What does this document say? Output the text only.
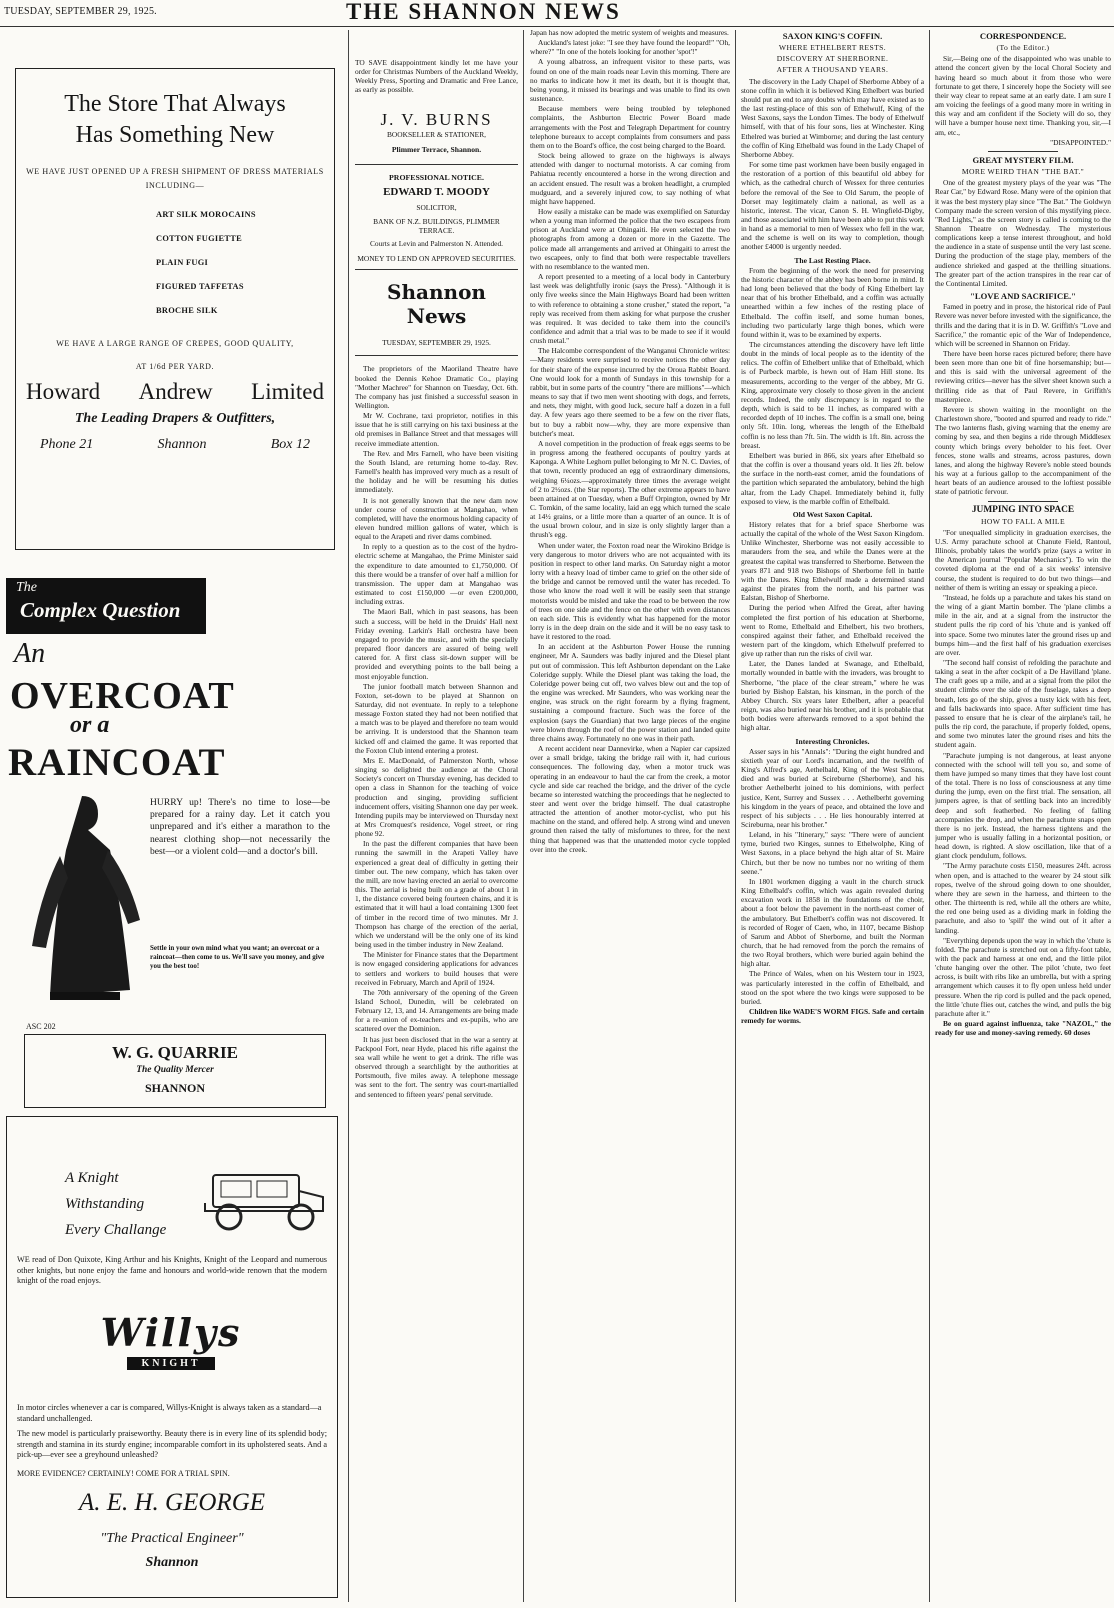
TUESDAY, SEPTEMBER 29, 1925.	THE SHANNON NEWS
The Store That Always
Has Something New
WE HAVE JUST OPENED UP A FRESH SHIPMENT OF DRESS MATERIALS INCLUDING—
ART SILK MOROCAINS
COTTON FUGIETTE
PLAIN FUGI
FIGURED TAFFETAS
BROCHE SILK
WE HAVE A LARGE RANGE OF CREPES, GOOD QUALITY,
AT 1/6d PER YARD.
Howard Andrew Limited
The Leading Drapers & Outfitters,
Phone 21	Shannon	Box 12
The
Complex Question
An
OVERCOAT
or a
RAINCOAT
HURRY up! There's no time to lose—be prepared for a rainy day. Let it catch you unprepared and it's either a marathon to the nearest clothing shop—not necessarily the best—or a violent cold—and a doctor's bill.
Settle in your own mind what you want; an overcoat or a raincoat—then come to us. We'll save you money, and give you the best too!
ASC 202
W. G. QUARRIE
The Quality Mercer
SHANNON
A Knight
Withstanding
Every Challange
WE read of Don Quixote, King Arthur and his Knights, Knight of the Leopard and numerous other knights, but none enjoy the fame and honours and world-wide renown that the modern knight of the road enjoys.
Willys
KNIGHT
In motor circles whenever a car is compared, Willys-Knight is always taken as a standard—a standard unchallenged.
The new model is particularly praiseworthy. Beauty there is in every line of its splendid body; strength and stamina in its sturdy engine; incomparable comfort in its upholstered seats. And a pick-up—ever see a greyhound unleashed?
MORE EVIDENCE? CERTAINLY! COME FOR A TRIAL SPIN.
A. E. H. GEORGE
"The Practical Engineer"
Shannon

TO SAVE disappointment kindly let me have your order for Christmas Numbers of the Auckland Weekly, Weekly Press, Sporting and Dramatic and Free Lance, as early as possible.

J. V. BURNS
BOOKSELLER & STATIONER,
Plimmer Terrace, Shannon.
PROFESSIONAL NOTICE.
EDWARD T. MOODY
SOLICITOR,
BANK OF N.Z. BUILDINGS, PLIMMER TERRACE.
Courts at Levin and Palmerston N. Attended.
MONEY TO LEND ON APPROVED SECURITIES.
Shannon News
TUESDAY, SEPTEMBER 29, 1925.

The proprietors of the Maoriland Theatre have booked the Dennis Kehoe Dramatic Co., playing "Mother Machree" for Shannon on Tuesday, Oct. 6th. The company has just finished a successful season in Wellington.

Mr W. Cochrane, taxi proprietor, notifies in this issue that he is still carrying on his taxi business at the old premises in Ballance Street and that messages will receive immediate attention.

The Rev. and Mrs Farnell, who have been visiting the South Island, are returning home to-day. Rev. Farnell's health has improved very much as a result of the holiday and he will be resuming his duties immediately.

It is not generally known that the new dam now under course of construction at Mangahao, when completed, will have the enormous holding capacity of eleven hundred million gallons of water, which is equal to the Arapeti and river dams combined.

In reply to a question as to the cost of the hydro-electric scheme at Mangahao, the Prime Minister said the expenditure to date amounted to £1,750,000. Of this there would be a transfer of over half a million for transmission. The upper dam at Mangahao was estimated to cost £150,000 —or even £200,000, including extras.

The Maori Ball, which in past seasons, has been such a success, will be held in the Druids' Hall next Friday evening. Larkin's Hall orchestra have been engaged to provide the music, and with the specially prepared floor dancers are assured of being well catered for. A first class sit-down supper will be provided and everything points to the ball being a most enjoyable function.

The junior football match between Shannon and Foxton, set-down to be played at Shannon on Saturday, did not eventuate. In reply to a telephone message Foxton stated they had not been notified that a match was to be played and therefore no team would be arriving. It is understood that the Shannon team kicked off and claimed the game. It was reported that the Foxton Club intend entering a protest.

Mrs E. MacDonald, of Palmerston North, whose singing so delighted the audience at the Choral Society's concert on Thursday evening, has decided to open a class in Shannon for the teaching of voice production and singing, providing sufficient inducement offers, visiting Shannon one day per week. Intending pupils may be interviewed on Thursday next at Mrs Cromquest's residence, Vogel street, or ring phone 92.

In the past the different companies that have been running the sawmill in the Arapeti Valley have experienced a great deal of difficulty in getting their timber out. The new company, which has taken over the mill, are now having erected an aerial to overcome this. The aerial is being built on a grade of about 1 in 1, the distance covered being fourteen chains, and it is estimated that it will haul a load containing 1300 feet of timber in the record time of two minutes. Mr J. Thompson has charge of the erection of the aerial, which we understand will be the only one of its kind being used in the timber industry in New Zealand.

The Minister for Finance states that the Department is now engaged considering applications for advances to settlers and workers to build houses that were received in February, March and April of 1924.

The 70th anniversary of the opening of the Green Island School, Dunedin, will be celebrated on February 12, 13, and 14. Arrangements are being made for a re-union of ex-teachers and ex-pupils, who are scattered over the Dominion.

It has just been disclosed that in the war a sentry at Packpool Fort, near Hyde, placed his rifle against the sea wall while he went to get a drink. The rifle was observed through a searchlight by the authorities at Portsmouth, five miles away. A telephone message was sent to the fort. The sentry was court-martialled and sentenced to fifteen years' penal servitude.

Japan has now adopted the metric system of weights and measures.

Auckland's latest joke: "I see they have found the leopard!" "Oh, where?" "In one of the hotels looking for another 'spot'!"

A young albatross, an infrequent visitor to these parts, was found on one of the main roads near Levin this morning. There are no marks to indicate how it met its death, but it is thought that, being young, it missed its bearings and was unable to find its own sustenance.

Because members were being troubled by telephoned complaints, the Ashburton Electric Power Board made arrangements with the Post and Telegraph Department for country telephone bureaux to accept complaints from consumers and pass them on to the Board's office, the cost being charged to the Board.

Stock being allowed to graze on the highways is always attended with danger to nocturnal motorists. A car coming from Pahiatua recently encountered a horse in the wrong direction and an accident ensued. The result was a broken headlight, a crumpled mudguard, and a severely injured cow, to say nothing of what might have happened.

How easily a mistake can be made was exemplified on Saturday when a young man informed the police that the two escapees from prison at Auckland were at Ohingaiti. He even selected the two photographs from among a dozen or more in the Gazette. The police made all arrangements and arrived at Ohingaiti to arrest the two escapees, only to find that both were respectable travellers with no resemblance to the wanted men.

A report presented to a meeting of a local body in Canterbury last week was delightfully ironic (says the Press). "Although it is only five weeks since the Main Highways Board had been written to with reference to obtaining a stone crusher," stated the report, "a reply was received from them asking for what purpose the crusher was required. It was decided to take them into the council's confidence and admit that a trial was to be made to see if it would crush metal."

The Halcombe correspondent of the Wanganui Chronicle writes:—Many residents were surprised to receive notices the other day for their share of the expense incurred by the Oroua Rabbit Board. One would look for a month of Sundays in this township for a rabbit, but in some parts of the country "there are millions"—which means to say that if two men went shooting with dogs, and ferrets, and nets, they might, with good luck, secure half a dozen in a full day. A few years ago there seemed to be a few on the river flats, but to buy a rabbit now—why, they are more expensive than butcher's meat.

A novel competition in the production of freak eggs seems to be in progress among the feathered occupants of poultry yards at Kaponga. A White Leghorn pullet belonging to Mr N. C. Davies, of that town, recently produced an egg of extraordinary dimensions, weighing 6¼ozs.—approximately three times the average weight of 2 to 2½ozs. (the Star reports). The other extreme appears to have been attained at on Tuesday, when a Buff Orpington, owned by Mr C. Tomkin, of the same locality, laid an egg which turned the scale at 14½ grains, or a little more than a quarter of an ounce. It is of the usual brown colour, and in size is only slightly larger than a thrush's egg.

When under water, the Foxton road near the Wirokino Bridge is very dangerous to motor drivers who are not acquainted with its position in respect to other land marks. On Saturday night a motor lorry with a heavy load of timber came to grief on the other side of the bridge and cannot be removed until the water has receded. To those who know the road well it will be easily seen that strange motorists would be misled and take the road to be between the row of trees on one side and the fence on the other with even distances on each side. This is evidently what has happened for the motor lorry is in the deep drain on the side and it will be no easy task to have it restored to the road.

In an accident at the Ashburton Power House the running engineer, Mr A. Saunders was badly injured and the Diesel plant put out of commission. This left Ashburton dependant on the Lake Coleridge supply. While the Diesel plant was taking the load, the Coleridge power being cut off, two valves blew out and the top of the engine was wrecked. Mr Saunders, who was working near the engine, was struck on the right forearm by a flying fragment, sustaining a compound fracture. Such was the force of the explosion (says the Guardian) that two large pieces of the engine were blown through the roof of the power station and landed quite three chains away. Fortunately no one was in their path.

A recent accident near Dannevirke, when a Napier car capsized over a small bridge, taking the bridge rail with it, had curious consequences. The following day, when a motor truck was operating in an endeavour to haul the car from the creek, a motor cycle and side car reached the bridge, and the driver of the cycle became so interested watching the proceedings that he neglected to steer and went over the bridge himself. The dual catastrophe attracted the attention of another motor-cyclist, who put his machine on the stand, and offered help. A strong wind and uneven ground then raised the tally of misfortunes to three, for the next thing that happened was that the unattended motor cycle toppled over into the creek.

SAXON KING'S COFFIN.
WHERE ETHELBERT RESTS.
DISCOVERY AT SHERBORNE.
AFTER A THOUSAND YEARS.

The discovery in the Lady Chapel of Sherborne Abbey of a stone coffin in which it is believed King Ethelbert was buried should put an end to any doubts which may have existed as to the last resting-place of this son of Ethelwulf, King of the West Saxons, says the London Times. The body of Ethelwulf himself, with that of his four sons, lies at Winchester. King Ethelred was buried at Wimborne; and during the last century the coffin of King Ethelbald was found in the Lady Chapel of Sherborne Abbey.

For some time past workmen have been busily engaged in the restoration of a portion of this beautiful old abbey for which, as the cathedral church of Wessex for three centuries before the removal of the See to Old Sarum, the people of Dorset may legitimately claim a national, as well as a historic, interest. The vicar, Canon S. H. Wingfield-Digby, and those associated with him have been able to put this work in hand as a memorial to men of Wessex who fell in the war, and the scheme is well on its way to completion, though another £4000 is urgently needed.

The Last Resting Place.

From the beginning of the work the need for preserving the historic character of the abbey has been borne in mind. It had long been believed that the body of King Ethelbert lay near that of his brother Ethelbald, and a coffin was actually unearthed within a few inches of the resting place of Ethelbald. The coffin itself, and some human bones, including two particularly large thigh bones, which were found within it, was to be examined by experts.

The circumstances attending the discovery have left little doubt in the minds of local people as to the identity of the relics. The coffin of Ethelbert unlike that of Ethelbald, which is of Purbeck marble, is hewn out of Ham Hill stone. Its measurements, according to the verger of the abbey, Mr G. King, approximate very closely to those given in the ancient records. Indeed, the only discrepancy is in regard to the depth, which is said to be 11 inches, as compared with a recorded depth of 10 inches. The coffin is a small one, being only 5ft. 10in. long, whereas the length of the Ethelbald coffin is no less than 7ft. 5in. The width is 1ft. 8in. across the breast.

Ethelbert was buried in 866, six years after Ethelbald so that the coffin is over a thousand years old. It lies 2ft. below the surface in the north-east corner, amid the foundations of the partition which separated the ambulatory, behind the high altar, from the Lady Chapel. Immediately behind it, fully exposed to view, is the marble coffin of Ethelbald.

Old West Saxon Capital.

History relates that for a brief space Sherborne was actually the capital of the whole of the West Saxon Kingdom. Unlike Winchester, Sherborne was not easily accessible to marauders from the sea, and while the Danes were at the greatest the capital was transferred to Sherborne. Between the years 871 and 918 two Bishops of Sherborne fell in battle with the Danes. King Ethelwulf made a determined stand against the pirates from the north, and his partner was Ealstan, Bishop of Sherborne.

During the period when Alfred the Great, after having completed the first portion of his education at Sherborne, went to Rome, Ethelbald and Ethelbert, his two brothers, conspired against their father, and Ethelbald received the western part of the kingdom, which Ethelwulf preferred to give up rather than run the risks of civil war.

Later, the Danes landed at Swanage, and Ethelbald, mortally wounded in battle with the invaders, was brought to Sherborne, "the place of the clear stream," where he was buried by Bishop Ealstan, his kinsman, in the porch of the Abbey Church. Six years later Ethelbert, after a peaceful reign, was also buried near his brother, and it is probable that both bodies were afterwards removed to a spot behind the high altar.

Interesting Chronicles.

Asser says in his "Annals": "During the eight hundred and sixtieth year of our Lord's incarnation, and the twelfth of King's Alfred's age, Aethelbald, King of the West Saxons, died and was buried at Scireburne (Sherborne), and his brother Aethelberht joined to his dominions, with perfect justice, Kent, Surrey and Sussex . . . Aethelberht governing his kingdom in the years of peace, and obtained the love and respect of his subjects . . . He lies honourably interred at Scireburna, near his brother."

Leland, in his "Itinerary," says: "There were of auncient tyme, buried two Kinges, sunnes to Ethelwolphe, King of West Saxons, in a place behynd the high altar of St. Maire Chirch, but ther be now no tumbes nor no writing of them seene."

In 1801 workmen digging a vault in the church struck King Ethelbald's coffin, which was again revealed during excavation work in 1858 in the foundations of the choir, about a foot below the pavement in the north-east corner of the ambulatory. But Ethelbert's coffin was not discovered. It is recorded of Roger of Caen, who, in 1107, became Bishop of Sarum and Abbot of Sherborne, and built the Norman church, that he had removed from the porch the remains of the two Royal brothers, which were buried again behind the high altar.

The Prince of Wales, when on his Western tour in 1923, was particularly interested in the coffin of Ethelbald, and stood on the spot where the two kings were supposed to be buried.

Children like WADE'S WORM FIGS. Safe and certain remedy for worms.

CORRESPONDENCE.
(To the Editor.)

Sir,—Being one of the disappointed who was unable to attend the concert given by the local Choral Society and having heard so much about it from those who were fortunate to get there, I sincerely hope the Society will see their way clear to repeat same at an early date. I am sure I am voicing the feelings of a good many more in writing in this way and am confident if the Society will do so, they will have a bumper house next time. Thanking you, sir,—I am, etc.,

"DISAPPOINTED."
GREAT MYSTERY FILM.
MORE WEIRD THAN "THE BAT."

One of the greatest mystery plays of the year was "The Rear Car," by Edward Rose. Many were of the opinion that it was the best mystery play since "The Bat." The Goldwyn Company made the screen version of this mystifying piece. "Red Lights," as the screen story is called is coming to the Shannon Theatre on Wednesday. The mysterious complications keep a tense interest throughout, and hold the audience in a state of suspense until the very last scene. During the production of the stage play, members of the audience shrieked and gasped at the thrilling situations. The greater part of the action transpires in the rear car of the Continental Limited.

"LOVE AND SACRIFICE."

Famed in poetry and in prose, the historical ride of Paul Revere was never before invested with the significance, the thrills and the daring that it is in D. W. Griffith's "Love and Sacrifice," the romantic epic of the War of Independence, which will be screened in Shannon on Friday.

There have been horse races pictured before; there have been seen more than one bit of fine horsemanship; but—and this is said with the universal agreement of the reviewing critics—never has the silver sheet known such a thrilling ride as that of Paul Revere, in Griffith's masterpiece.

Revere is shown waiting in the moonlight on the Charlestown shore, "booted and spurred and ready to ride." The two lanterns flash, giving warning that the enemy are coming by sea, and then begins a ride through Middlesex county which brings every beholder to his feet. Over fences, stone walls and streams, across pastures, down lanes, and along the highway Revere's noble steed bounds his way at a furious gallop to the accompaniment of the heart beats of an audience aroused to the loftiest possible state of patriotic fervour.

JUMPING INTO SPACE
HOW TO FALL A MILE

"For unequalled simplicity in graduation exercises, the U.S. Army parachute school at Chanute Field, Rantoul, Illinois, probably takes the world's prize (says a writer in the American journal "Popular Mechanics"). To win the coveted diploma at the end of a six weeks' intensive course, the student is required to do but two things—and neither of them is writing an essay or speaking a piece.

"Instead, he folds up a parachute and takes his stand on the wing of a giant Martin bomber. The 'plane climbs a mile in the air, and at a signal from the instructor the student pulls the rip cord of his 'chute and is yanked off into space. Some two minutes later the ground rises up and bumps him—and the first half of his graduation exercises are over.

"The second half consist of refolding the parachute and taking a seat in the after cockpit of a De Havilland 'plane. The craft goes up a mile, and at a signal from the pilot the student climbs over the side of the fuselage, takes a deep breath, lets go of the ship, gives a tusty kick with his feet, and falls backwards into space. After sufficient time has passed to ensure that he is clear of the airplane's tail, he pulls the rip cord, the parachute, if properly folded, opens, and some two minutes later the ground rises and hits the student again.

"Parachute jumping is not dangerous, at least anyone connected with the school will tell you so, and some of them have jumped so many times that they have lost count of the total. There is no loss of consciousness at any time during the jump, even on the first trial. The sensation, all jumpers agree, is that of settling back into an incredibly deep and soft featherbed. No feeling of falling accompanies the drop, and when the parachute snaps open there is no jerk. Instead, the harness tightens and the jumper who is usually falling in a horizontal position, or head down, is righted. A slow oscillation, like that of a giant clock pendulum, follows.

"The Army parachute costs £150, measures 24ft. across when open, and is attached to the wearer by 24 stout silk ropes, twelve of the shroud going down to one shoulder, where they are sewn in the harness, and thirteen to the other. The thirteenth is red, while all the others are white, the red one being used as a dividing mark in folding the parachute, and also to 'spill' the wind out of it after a landing.

"Everything depends upon the way in which the 'chute is folded. The parachute is stretched out on a fifty-foot table, with the pack and harness at one end, and the little pilot 'chute hanging over the other. The pilot 'chute, two feet across, is built with ribs like an umbrella, but with a spring arrangement which causes it to fly open unless held under pressure. When the rip cord is pulled and the pack opened, the little 'chute flies out, catches the wind, and pulls the big parachute after it."

Be on guard against influenza, take "NAZOL," the ready for use and money-saving remedy. 60 doses
